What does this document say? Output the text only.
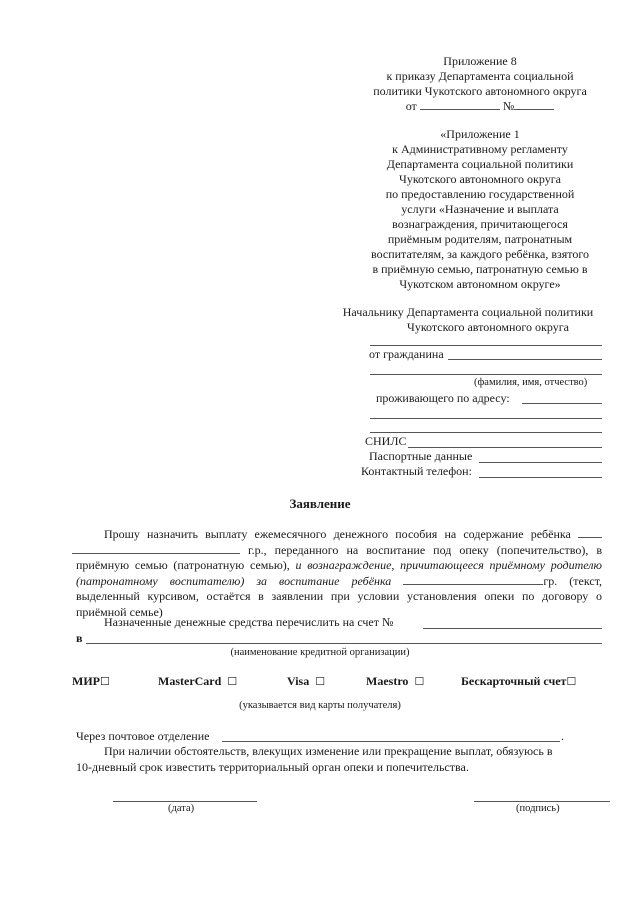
Приложение 8
к приказу Департамента социальной
политики Чукотского автономного округа
от	№
«Приложение 1
к Административному регламенту
Департамента социальной политики
Чукотского автономного округа
по предоставлению государственной
услуги «Назначение и выплата
вознаграждения, причитающегося
приёмным родителям, патронатным
воспитателям, за каждого ребёнка, взятого
в приёмную семью, патронатную семью в
Чукотском автономном округе»
Начальнику Департамента социальной политики
Чукотского автономного округа
от гражданина
(фамилия, имя, отчество)
проживающего по адресу:
СНИЛС
Паспортные данные
Контактный телефон:
Заявление
Прошу назначить выплату ежемесячного денежного пособия на содержание ребёнка   г.р., переданного на воспитание под опеку (попечительство), в приёмную семью (патронатную семью), и вознаграждение, причитающееся приёмному родителю (патронатному воспитателю) за воспитание ребёнка	гр. (текст, выделенный курсивом, остаётся в заявлении при условии установления опеки по договору о приёмной семье)
Назначенные денежные средства перечислить на счет №
в
(наименование кредитной организации)
МИР☐	MasterCard ☐	Visa ☐	Maestro ☐	Бескарточный счет☐
(указывается вид карты получателя)
Через почтовое отделение	.
При наличии обстоятельств, влекущих изменение или прекращение выплат, обязуюсь в
10-дневный срок известить территориальный орган опеки и попечительства.
(дата)	(подпись)
